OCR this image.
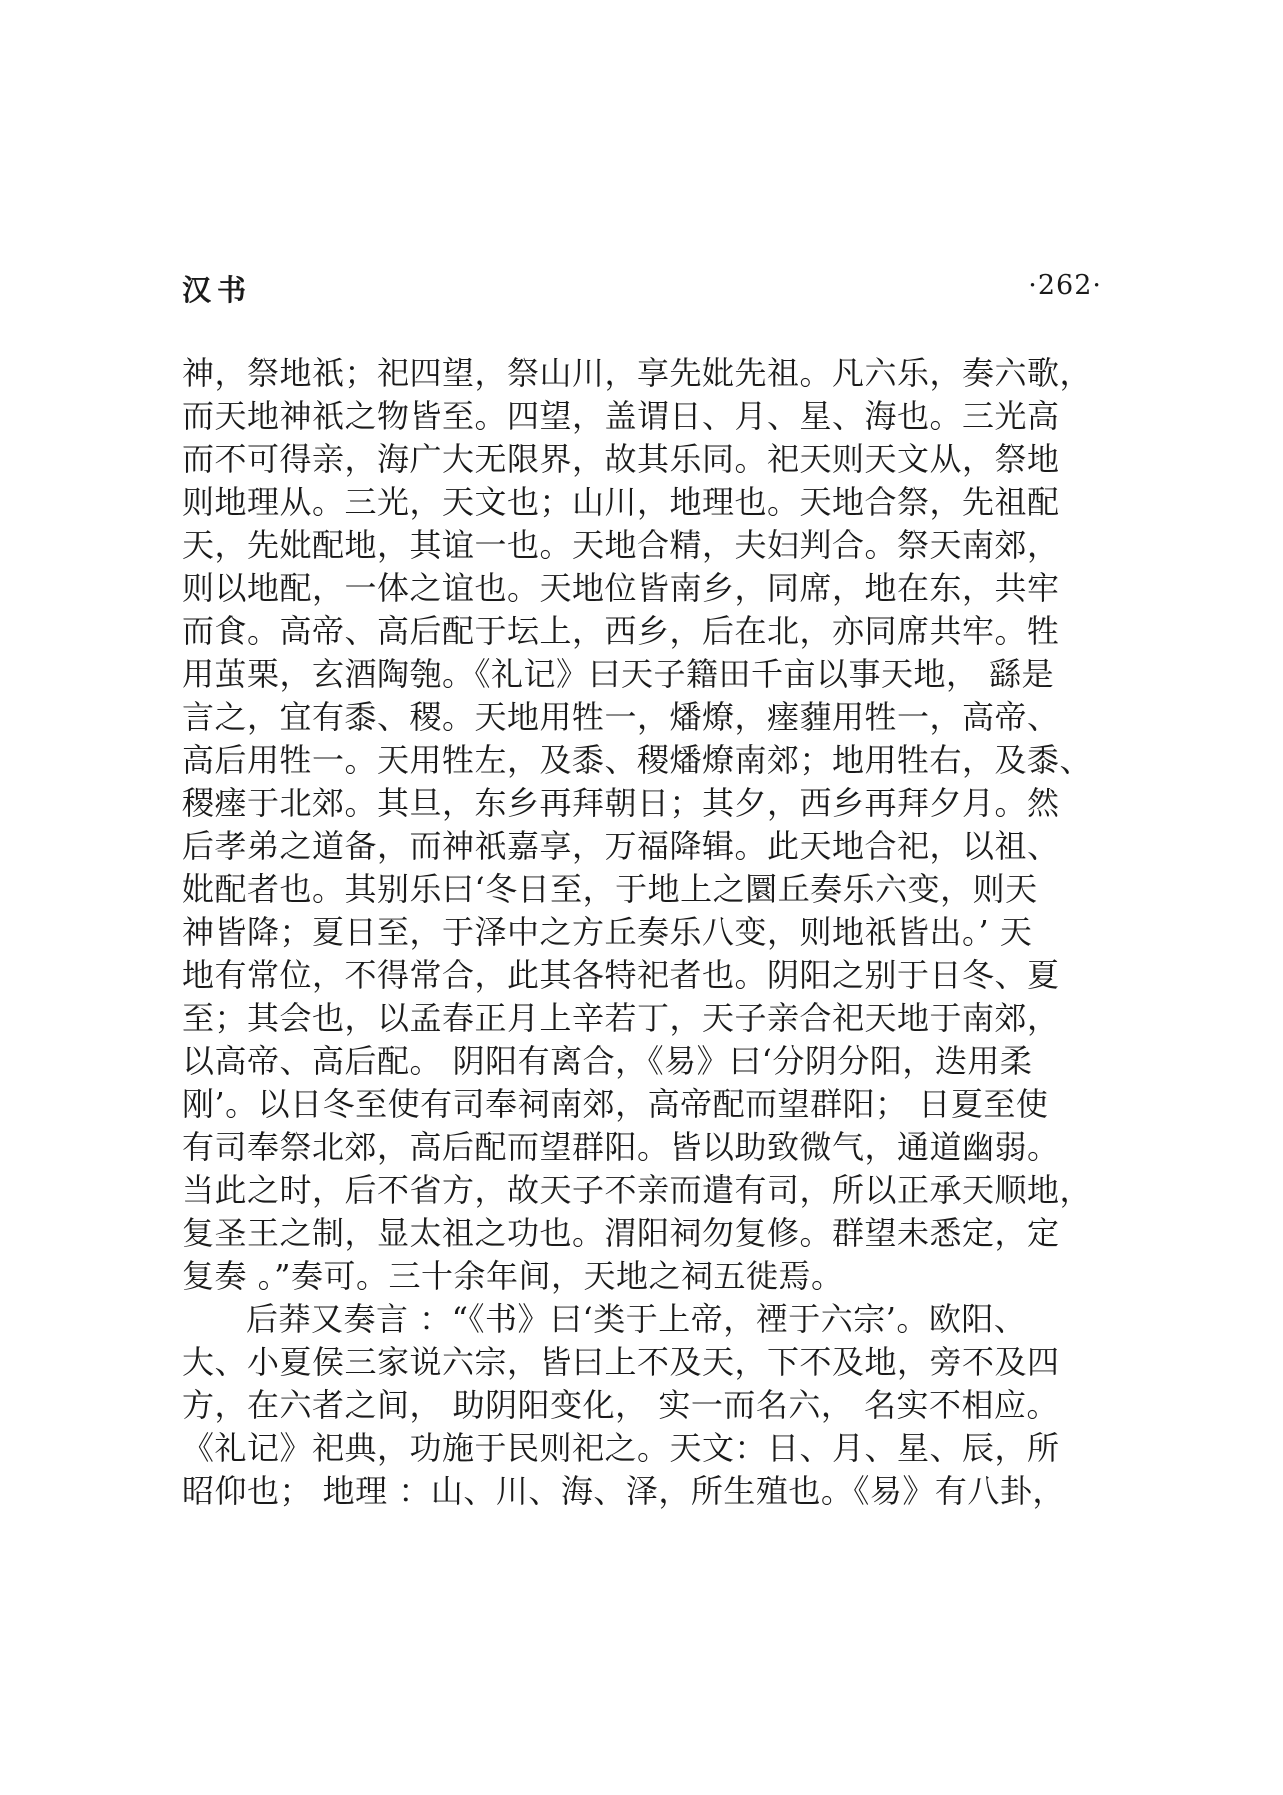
汉书	·262·
神，祭地祇；祀四望，祭山川，享先妣先祖。凡六乐，奏六歌，
而天地神祇之物皆至。四望，盖谓日、月、星、海也。三光高
而不可得亲，海广大无限界，故其乐同。祀天则天文从，祭地
则地理从。三光，天文也；山川，地理也。天地合祭，先祖配
天，先妣配地，其谊一也。天地合精，夫妇判合。祭天南郊，
则以地配，一体之谊也。天地位皆南乡，同席，地在东，共牢
而食。高帝、高后配于坛上，西乡，后在北，亦同席共牢。牲
用茧栗，玄酒陶匏。《礼记》曰天子籍田千亩以事天地， 繇是
言之，宜有黍、稷。天地用牲一，燔燎，瘗薶用牲一，高帝、
高后用牲一。天用牲左，及黍、稷燔燎南郊；地用牲右，及黍、
稷瘗于北郊。其旦，东乡再拜朝日；其夕，西乡再拜夕月。然
后孝弟之道备，而神祇嘉享，万福降辑。此天地合祀，以祖、
妣配者也。其别乐曰‘冬日至，于地上之圜丘奏乐六变，则天
神皆降；夏日至，于泽中之方丘奏乐八变，则地祇皆出。’ 天
地有常位，不得常合，此其各特祀者也。阴阳之别于日冬、夏
至；其会也，以孟春正月上辛若丁，天子亲合祀天地于南郊，
以高帝、高后配。 阴阳有离合，《易》曰‘分阴分阳，迭用柔
刚’。以日冬至使有司奉祠南郊，高帝配而望群阳； 日夏至使
有司奉祭北郊，高后配而望群阳。皆以助致微气，通道幽弱。
当此之时，后不省方，故天子不亲而遣有司，所以正承天顺地，
复圣王之制，显太祖之功也。渭阳祠勿复修。群望未悉定，定
复奏 。”奏可。三十余年间，天地之祠五徙焉。
后莽又奏言 ：“《书》曰‘类于上帝，禋于六宗’。欧阳、
大、小夏侯三家说六宗，皆曰上不及天，下不及地，旁不及四
方，在六者之间， 助阴阳变化， 实一而名六， 名实不相应。
《礼记》祀典，功施于民则祀之。天文：日、月、星、辰，所
昭仰也； 地理 ：山、川、海、泽，所生殖也。《易》有八卦，
